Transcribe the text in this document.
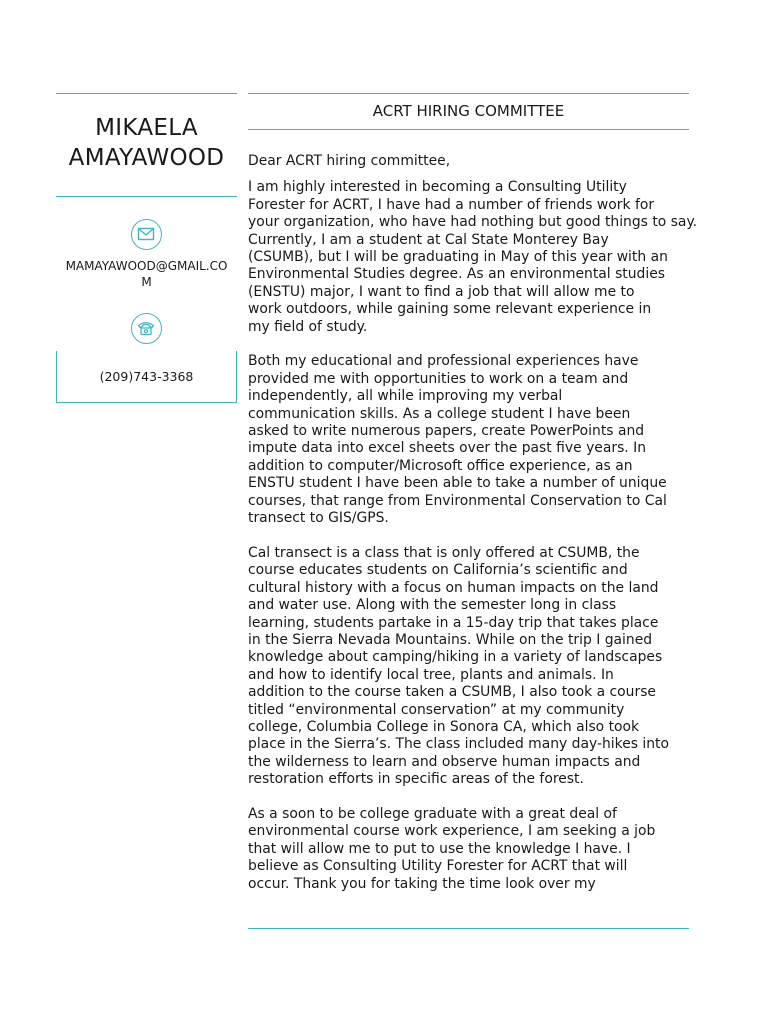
MIKAELA
AMAYAWOOD
MAMAYAWOOD@GMAIL.CO
M
(209)743-3368
ACRT HIRING COMMITTEE

Dear ACRT hiring committee,

I am highly interested in becoming a Consulting Utility

Forester for ACRT, I have had a number of friends work for

your organization, who have had nothing but good things to say.

Currently, I am a student at Cal State Monterey Bay

(CSUMB), but I will be graduating in May of this year with an

Environmental Studies degree. As an environmental studies

(ENSTU) major, I want to find a job that will allow me to

work outdoors, while gaining some relevant experience in

my field of study.

Both my educational and professional experiences have

provided me with opportunities to work on a team and

independently, all while improving my verbal

communication skills. As a college student I have been

asked to write numerous papers, create PowerPoints and

impute data into excel sheets over the past five years. In

addition to computer/Microsoft office experience, as an

ENSTU student I have been able to take a number of unique

courses, that range from Environmental Conservation to Cal

transect to GIS/GPS.

Cal transect is a class that is only offered at CSUMB, the

course educates students on California’s scientific and

cultural history with a focus on human impacts on the land

and water use. Along with the semester long in class

learning, students partake in a 15-day trip that takes place

in the Sierra Nevada Mountains. While on the trip I gained

knowledge about camping/hiking in a variety of landscapes

and how to identify local tree, plants and animals. In

addition to the course taken a CSUMB, I also took a course

titled “environmental conservation” at my community

college, Columbia College in Sonora CA, which also took

place in the Sierra’s. The class included many day-hikes into

the wilderness to learn and observe human impacts and

restoration efforts in specific areas of the forest.

As a soon to be college graduate with a great deal of

environmental course work experience, I am seeking a job

that will allow me to put to use the knowledge I have. I

believe as Consulting Utility Forester for ACRT that will

occur. Thank you for taking the time look over my
